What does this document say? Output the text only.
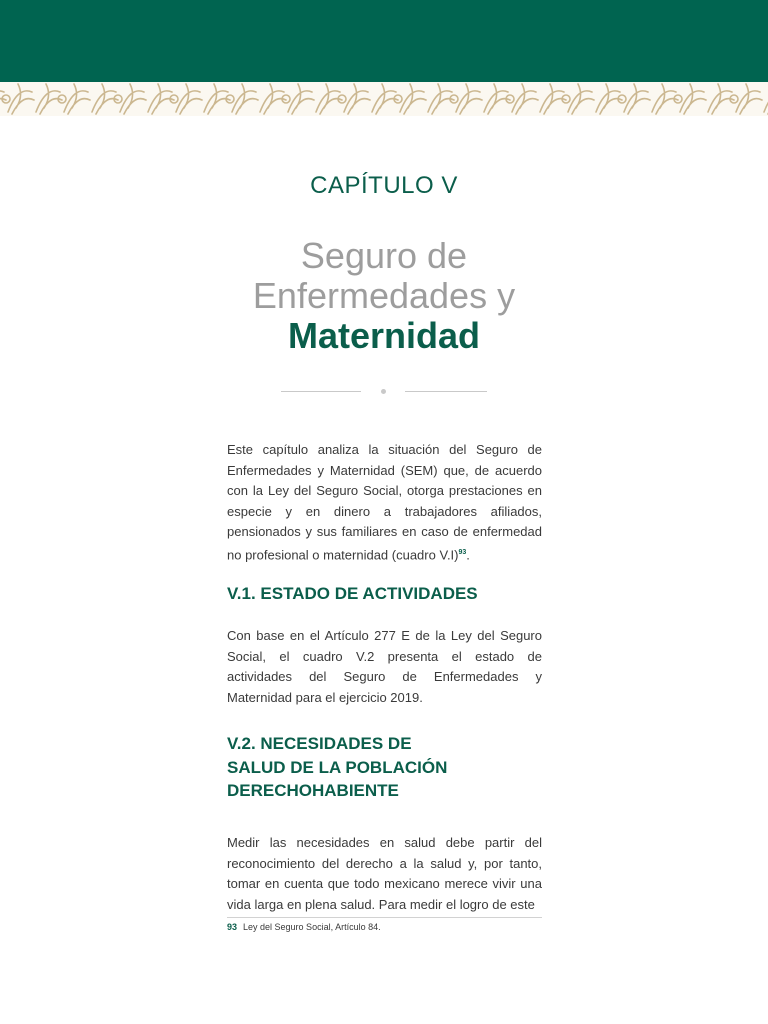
CAPÍTULO V
Seguro de
Enfermedades y
Maternidad

Este capítulo analiza la situación del Seguro de Enfermedades y Maternidad (SEM) que, de acuerdo con la Ley del Seguro Social, otorga prestaciones en especie y en dinero a trabajadores afiliados, pensionados y sus familiares en caso de enfermedad no profesional o maternidad (cuadro V.I)$^{93}$.

V.1. ESTADO DE ACTIVIDADES

Con base en el Artículo 277 E de la Ley del Seguro Social, el cuadro V.2 presenta el estado de actividades del Seguro de Enfermedades y Maternidad para el ejercicio 2019.

V.2. NECESIDADES DE
SALUD DE LA POBLACIÓN
DERECHOHABIENTE

Medir las necesidades en salud debe partir del reconocimiento del derecho a la salud y, por tanto, tomar en cuenta que todo mexicano merece vivir una vida larga en plena salud. Para medir el logro de este

93 Ley del Seguro Social, Artículo 84.
